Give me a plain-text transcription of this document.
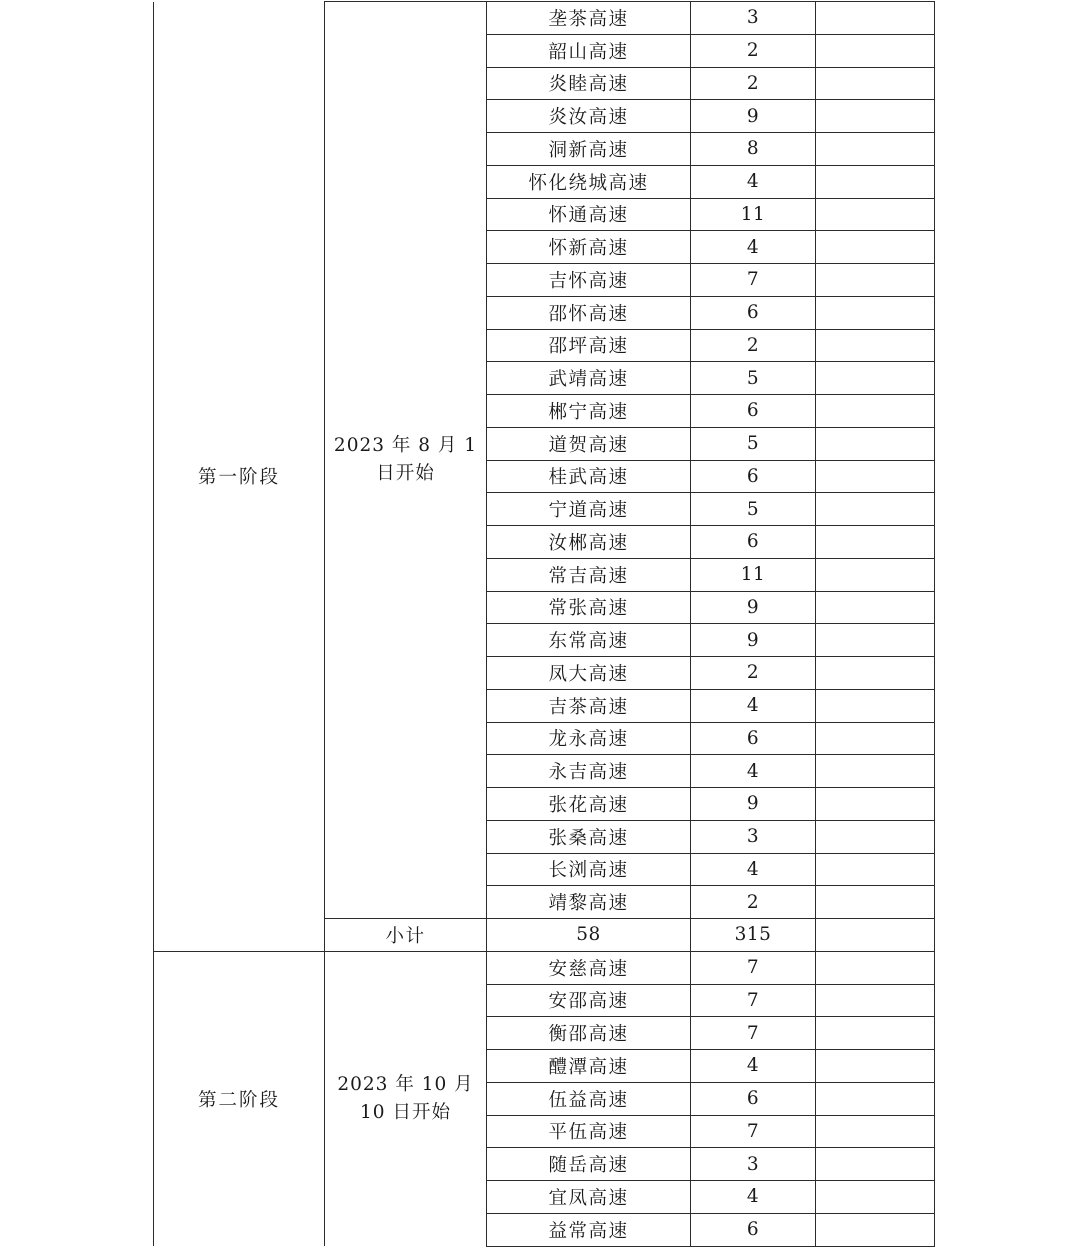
第一阶段	2023 年 8 月 1 日开始	垄茶高速	3	
		韶山高速	2	
		炎睦高速	2	
		炎汝高速	9	
		洞新高速	8	
		怀化绕城高速	4	
		怀通高速	11	
		怀新高速	4	
		吉怀高速	7	
		邵怀高速	6	
		邵坪高速	2	
		武靖高速	5	
		郴宁高速	6	
		道贺高速	5	
		桂武高速	6	
		宁道高速	5	
		汝郴高速	6	
		常吉高速	11	
		常张高速	9	
		东常高速	9	
		凤大高速	2	
		吉茶高速	4	
		龙永高速	6	
		永吉高速	4	
		张花高速	9	
		张桑高速	3	
		长浏高速	4	
		靖黎高速	2	
	小计	58	315	
第二阶段	2023 年 10 月 10 日开始	安慈高速	7	
		安邵高速	7	
		衡邵高速	7	
		醴潭高速	4	
		伍益高速	6	
		平伍高速	7	
		随岳高速	3	
		宜凤高速	4	
		益常高速	6	
